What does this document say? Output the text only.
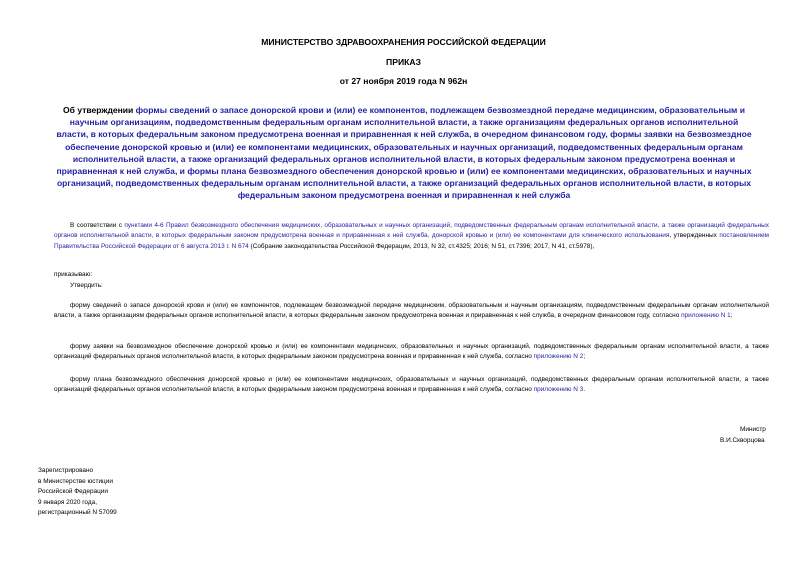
МИНИСТЕРСТВО ЗДРАВООХРАНЕНИЯ РОССИЙСКОЙ ФЕДЕРАЦИИ
ПРИКАЗ
от 27 ноября 2019 года N 962н
Об утверждении формы сведений о запасе донорской крови и (или) ее компонентов, подлежащем безвозмездной передаче медицинским, образовательным и научным организациям, подведомственным федеральным органам исполнительной власти, а также организациям федеральных органов исполнительной власти, в которых федеральным законом предусмотрена военная и приравненная к ней служба, в очередном финансовом году, формы заявки на безвозмездное обеспечение донорской кровью и (или) ее компонентами медицинских, образовательных и научных организаций, подведомственных федеральным органам исполнительной власти, а также организаций федеральных органов исполнительной власти, в которых федеральным законом предусмотрена военная и приравненная к ней служба, и формы плана безвозмездного обеспечения донорской кровью и (или) ее компонентами медицинских, образовательных и научных организаций, подведомственных федеральным органам исполнительной власти, а также организаций федеральных органов исполнительной власти, в которых федеральным законом предусмотрена военная и приравненная к ней служба
В соответствии с пунктами 4-6 Правил безвозмездного обеспечения медицинских, образовательных и научных организаций, подведомственных федеральным органам исполнительной власти, а также организаций федеральных органов исполнительной власти, в которых федеральным законом предусмотрена военная и приравненная к ней служба, донорской кровью и (или) ее компонентами для клинического использования, утвержденных постановлением Правительства Российской Федерации от 6 августа 2013 г. N 674 (Собрание законодательства Российской Федерации, 2013, N 32, ст.4325; 2016; N 51, ст.7396; 2017, N 41, ст.5978),
приказываю:
Утвердить:
форму сведений о запасе донорской крови и (или) ее компонентов, подлежащем безвозмездной передаче медицинским, образовательным и научным организациям, подведомственным федеральным органам исполнительной власти, а также организациям федеральных органов исполнительной власти, в которых федеральным законом предусмотрена военная и приравненная к ней служба, в очередном финансовом году, согласно приложению N 1;
форму заявки на безвозмездное обеспечение донорской кровью и (или) ее компонентами медицинских, образовательных и научных организаций, подведомственных федеральным органам исполнительной власти, а также организаций федеральных органов исполнительной власти, в которых федеральным законом предусмотрена военная и приравненная к ней служба, согласно приложению N 2;
форму плана безвозмездного обеспечения донорской кровью и (или) ее компонентами медицинских, образовательных и научных организаций, подведомственных федеральным органам исполнительной власти, а также организаций федеральных органов исполнительной власти, в которых федеральным законом предусмотрена военная и приравненная к ней служба, согласно приложению N 3.
Министр
В.И.Скворцова
Зарегистрировано
в Министерстве юстиции
Российской Федерации
9 января 2020 года,
регистрационный N 57099
